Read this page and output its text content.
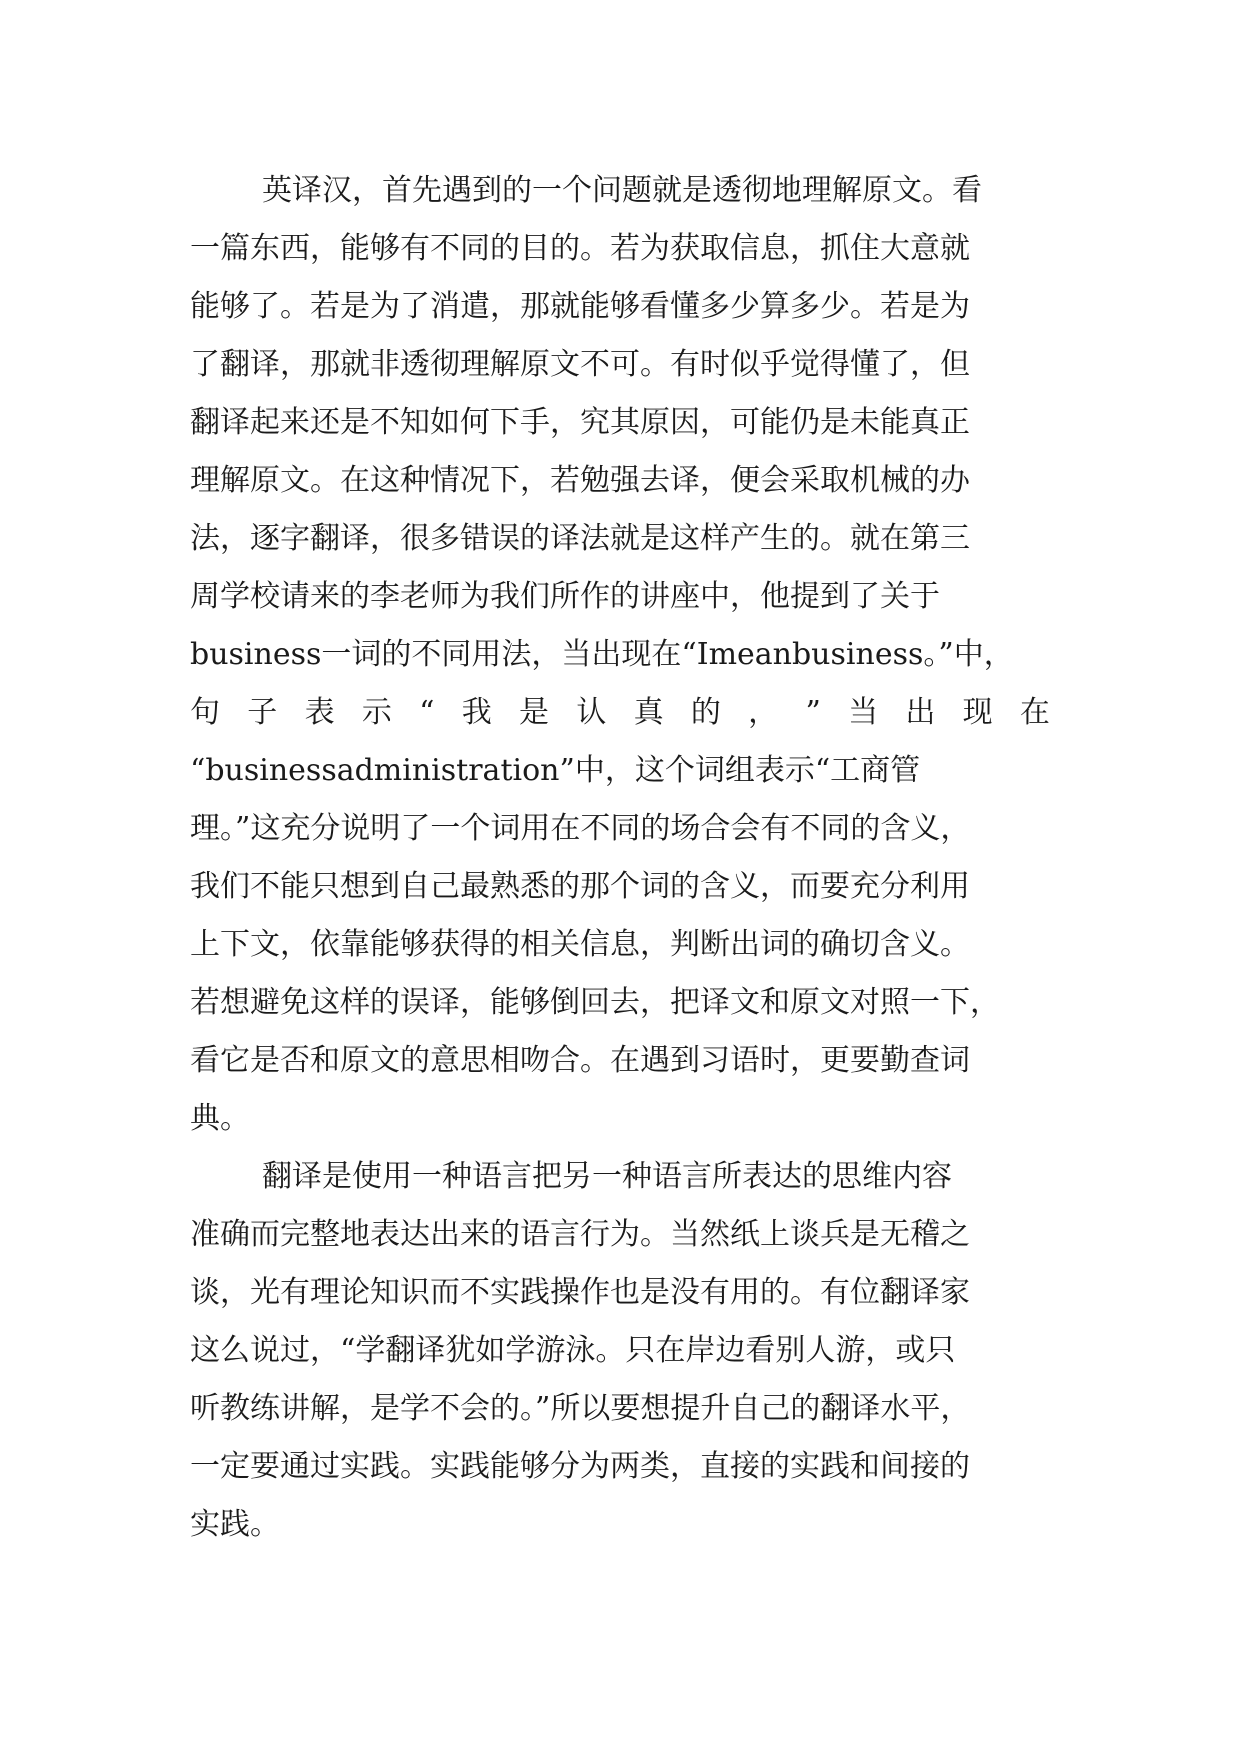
英译汉，首先遇到的一个问题就是透彻地理解原文。看
一篇东西，能够有不同的目的。若为获取信息，抓住大意就
能够了。若是为了消遣，那就能够看懂多少算多少。若是为
了翻译，那就非透彻理解原文不可。有时似乎觉得懂了，但
翻译起来还是不知如何下手，究其原因，可能仍是未能真正
理解原文。在这种情况下，若勉强去译，便会采取机械的办
法，逐字翻译，很多错误的译法就是这样产生的。就在第三
周学校请来的李老师为我们所作的讲座中，他提到了关于
business一词的不同用法，当出现在“Imeanbusiness。”中，
句 子 表 示 “ 我 是 认 真 的 ， ” 当 出 现 在
“businessadministration”中，这个词组表示“工商管
理。”这充分说明了一个词用在不同的场合会有不同的含义，
我们不能只想到自己最熟悉的那个词的含义，而要充分利用
上下文，依靠能够获得的相关信息，判断出词的确切含义。
若想避免这样的误译，能够倒回去，把译文和原文对照一下，
看它是否和原文的意思相吻合。在遇到习语时，更要勤查词
典。
翻译是使用一种语言把另一种语言所表达的思维内容
准确而完整地表达出来的语言行为。当然纸上谈兵是无稽之
谈，光有理论知识而不实践操作也是没有用的。有位翻译家
这么说过，“学翻译犹如学游泳。只在岸边看别人游，或只
听教练讲解，是学不会的。”所以要想提升自己的翻译水平，
一定要通过实践。实践能够分为两类，直接的实践和间接的
实践。
